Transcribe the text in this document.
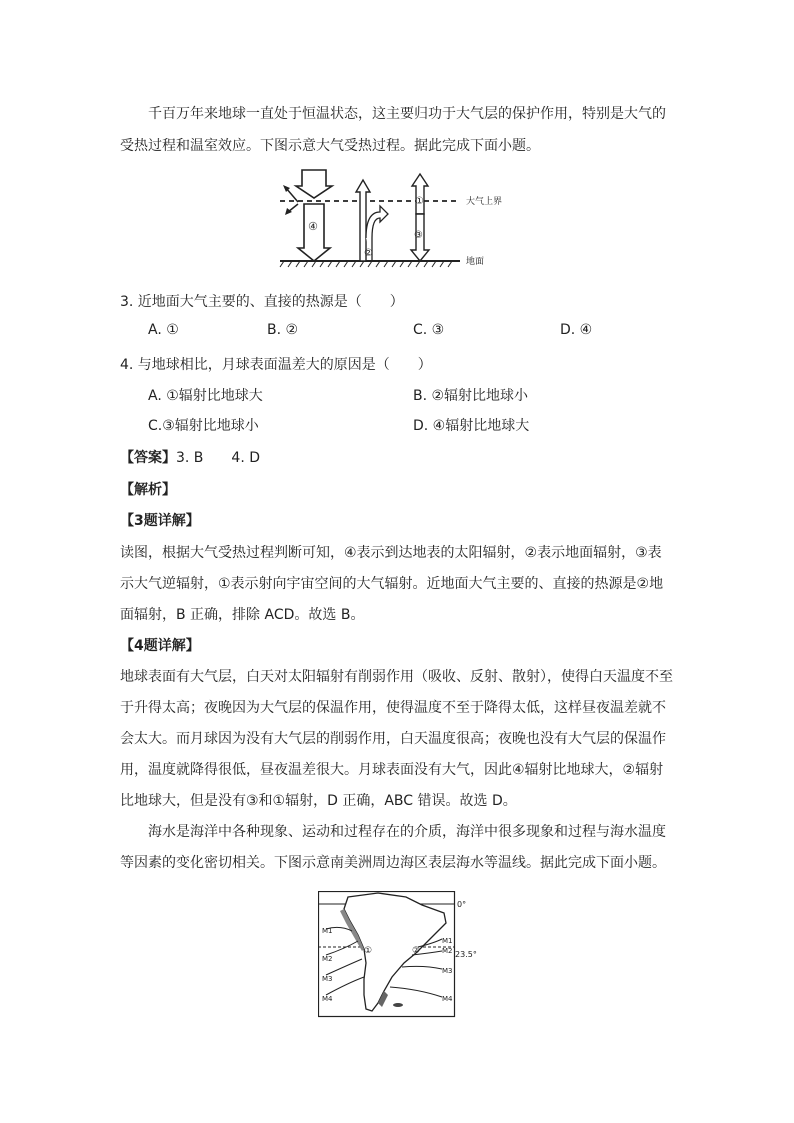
千百万年来地球一直处于恒温状态，这主要归功于大气层的保护作用，特别是大气的
受热过程和温室效应。下图示意大气受热过程。据此完成下面小题。
大气上界
地面
④
②
①
③
3. 近地面大气主要的、直接的热源是（　　）
A. ①	B. ②	C. ③	D. ④
4. 与地球相比，月球表面温差大的原因是（　　）
A. ①辐射比地球大	B. ②辐射比地球小
C.③辐射比地球小	D. ④辐射比地球大
【答案】3. B　　4. D
【解析】
【3题详解】
读图，根据大气受热过程判断可知，④表示到达地表的太阳辐射，②表示地面辐射，③表
示大气逆辐射，①表示射向宇宙空间的大气辐射。近地面大气主要的、直接的热源是②地
面辐射，B 正确，排除 ACD。故选 B。
【4题详解】
地球表面有大气层，白天对太阳辐射有削弱作用（吸收、反射、散射），使得白天温度不至
于升得太高；夜晚因为大气层的保温作用，使得温度不至于降得太低，这样昼夜温差就不
会太大。而月球因为没有大气层的削弱作用，白天温度很高；夜晚也没有大气层的保温作
用，温度就降得很低，昼夜温差很大。月球表面没有大气，因此④辐射比地球大，②辐射
比地球大，但是没有③和①辐射，D 正确，ABC 错误。故选 D。
海水是海洋中各种现象、运动和过程存在的介质，海洋中很多现象和过程与海水温度
等因素的变化密切相关。下图示意南美洲周边海区表层海水等温线。据此完成下面小题。
0°
23.5°
M1
M2
M3
M4
M1
M2
M3
M4
①	②
